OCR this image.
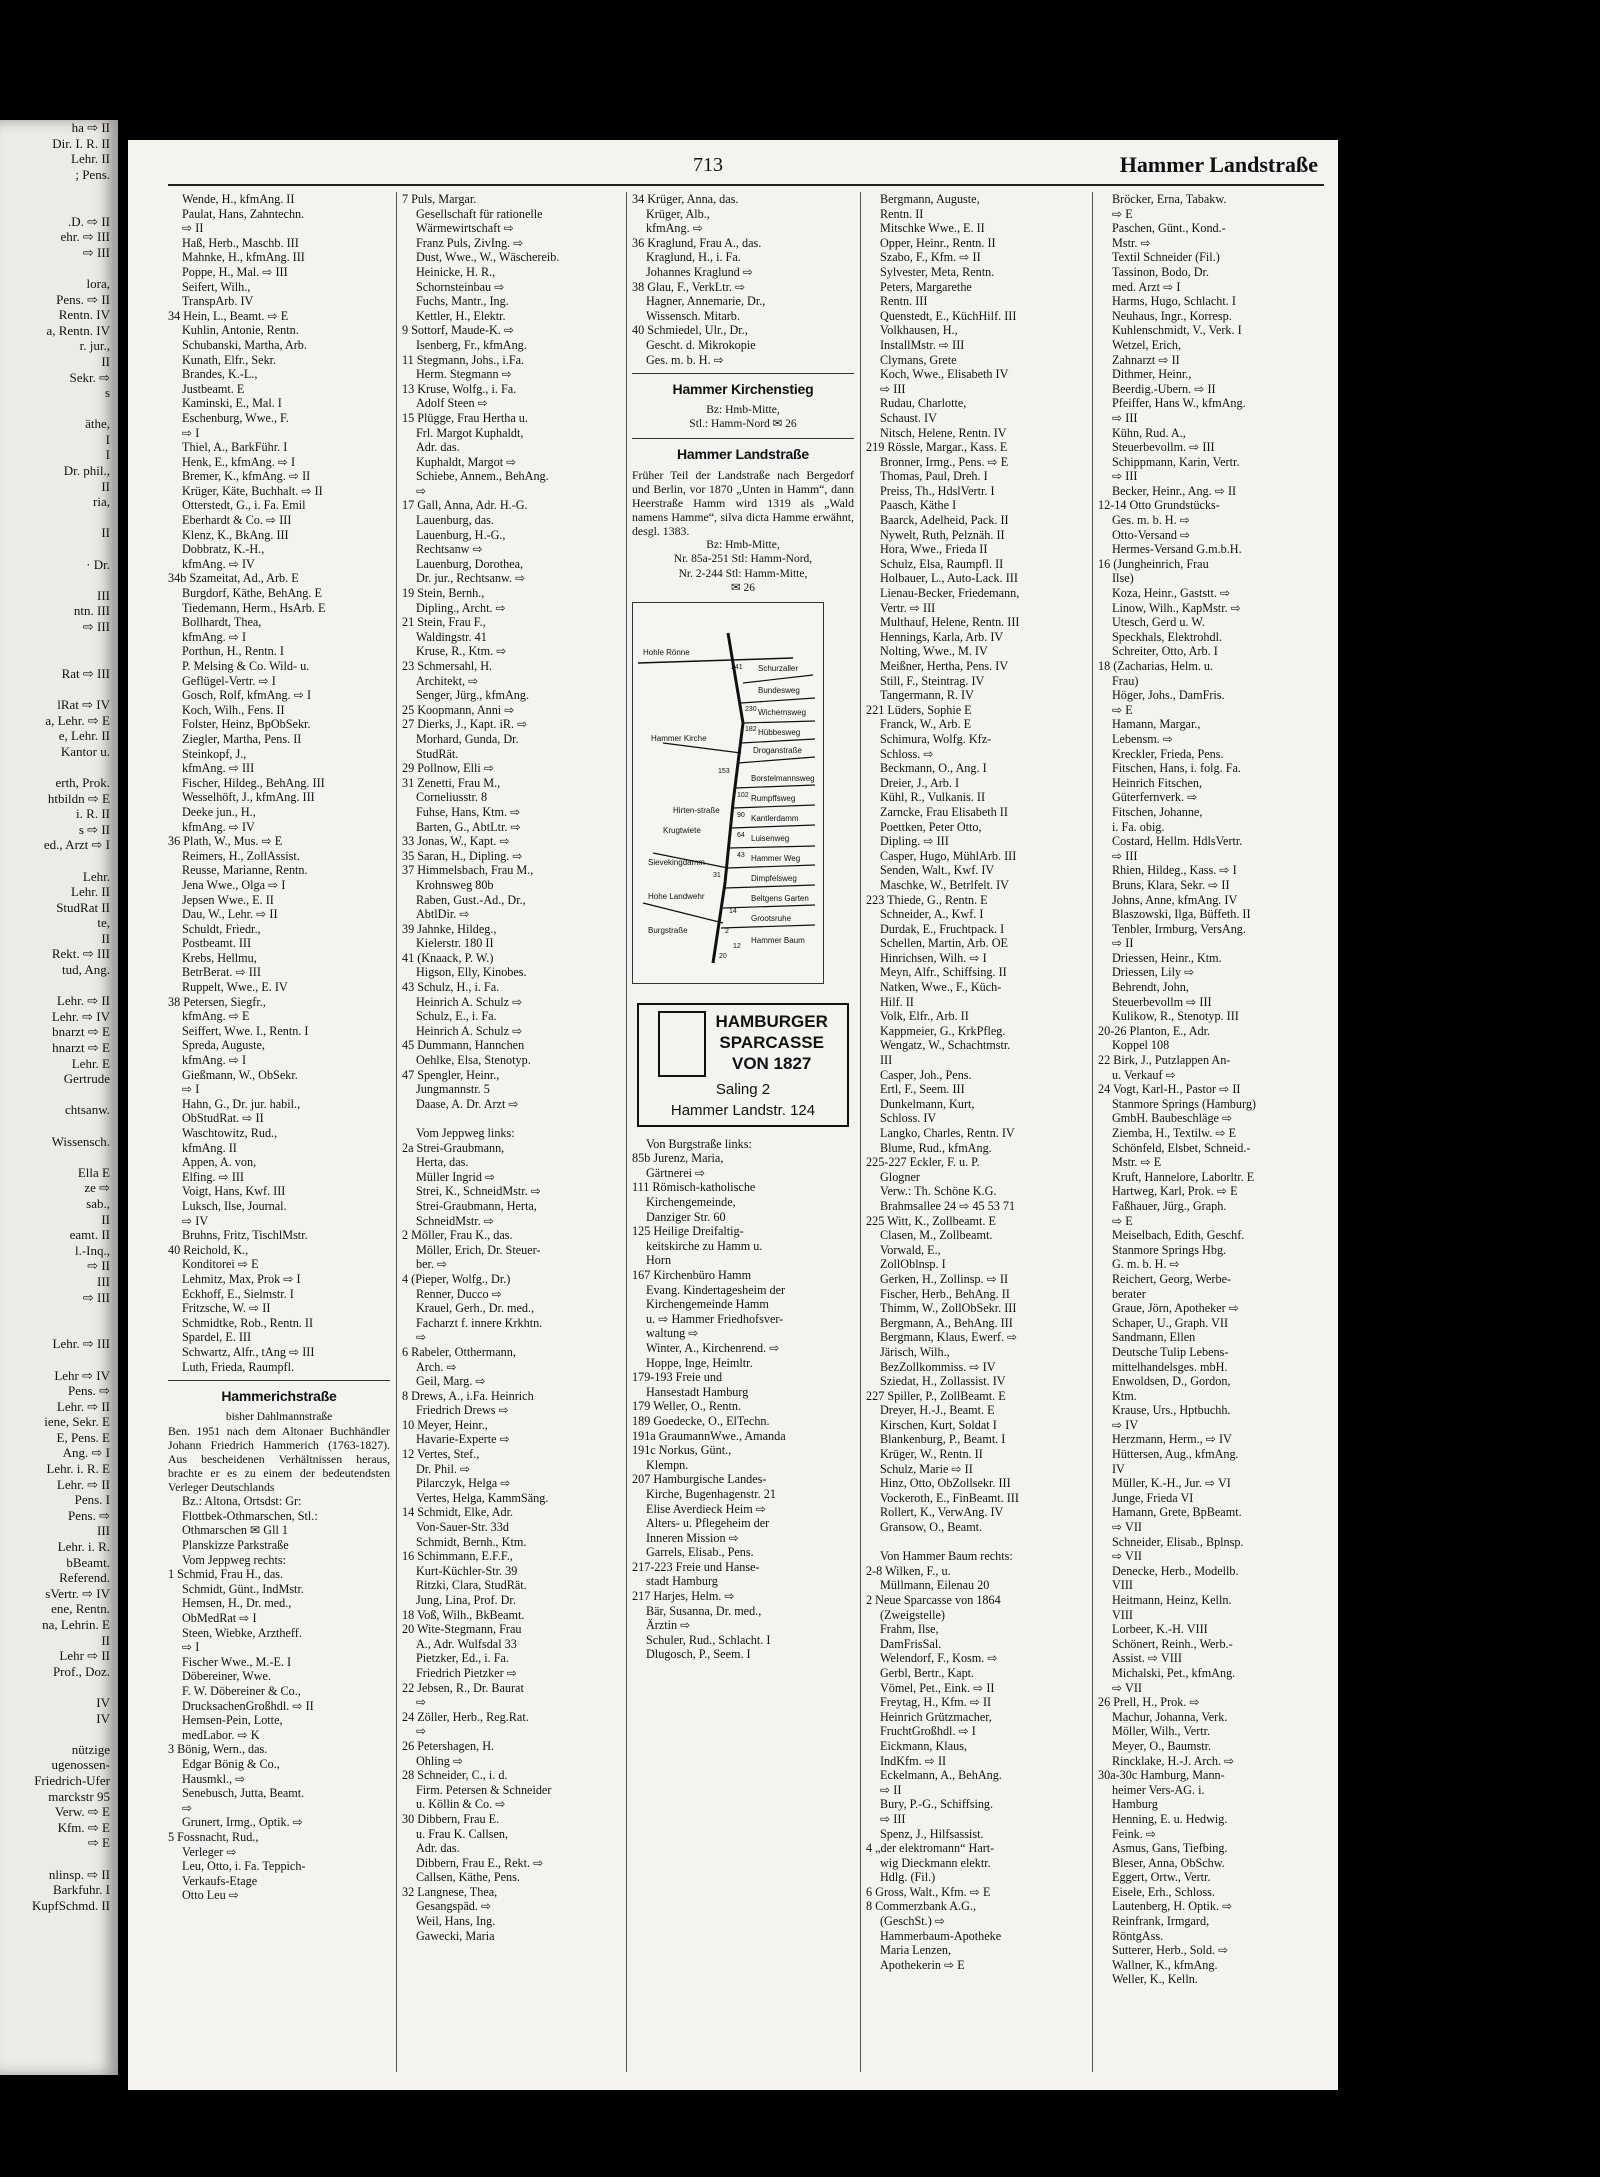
ha ⇨ II
Dir. I. R. II
Lehr. II
; Pens.

.D. ⇨ II
ehr. ⇨ III
⇨ III

lora,
Pens. ⇨ II
Rentn. IV
a, Rentn. IV
r. jur.,
II
Sekr. ⇨
s

äthe,
I
I
Dr. phil.,
II
ria,

II

· Dr.

III
ntn. III
⇨ III

Rat ⇨ III

lRat ⇨ IV
a, Lehr. ⇨ E
e, Lehr. II
Kantor u.

erth, Prok.
htbildn ⇨ E
i. R. II
s ⇨ II
ed., Arzt ⇨ I

Lehr.
Lehr. II
StudRat II
te,
II
Rekt. ⇨ III
tud, Ang.

Lehr. ⇨ II
Lehr. ⇨ IV
bnarzt ⇨ E
hnarzt ⇨ E
Lehr. E
Gertrude

chtsanw.

Wissensch.

Ella E
ze ⇨
sab.,
II
eamt. II
l.-Inq.,
⇨ II
III
⇨ III

Lehr. ⇨ III

Lehr ⇨ IV
Pens. ⇨
Lehr. ⇨ II
iene, Sekr. E
E, Pens. E
Ang. ⇨ I
Lehr. i. R. E
Lehr. ⇨ II
Pens. I
Pens. ⇨
III
Lehr. i. R.
bBeamt.
Referend.
sVertr. ⇨ IV
ene, Rentn.
na, Lehrin. E
II
Lehr ⇨ II
Prof., Doz.

IV
IV

nützige
ugenossen-
Friedrich-Ufer
marckstr 95
Verw. ⇨ E
Kfm. ⇨ E
⇨ E

nlinsp. ⇨ II
Barkfuhr. I
KupfSchmd. II
713	Hammer Landstraße
Wende, H., kfmAng. II
Paulat, Hans, Zahntechn.
⇨ II
Haß, Herb., Maschb. III
Mahnke, H., kfmAng. III
Poppe, H., Mal. ⇨ III
Seifert, Wilh.,
TranspArb. IV
34 Hein, L., Beamt. ⇨ E
Kuhlin, Antonie, Rentn.
Schubanski, Martha, Arb.
Kunath, Elfr., Sekr.
Brandes, K.-L.,
Justbeamt. E
Kaminski, E., Mal. I
Eschenburg, Wwe., F.
⇨ I
Thiel, A., BarkFühr. I
Henk, E., kfmAng. ⇨ I
Bremer, K., kfmAng. ⇨ II
Krüger, Käte, Buchhalt. ⇨ II
Otterstedt, G., i. Fa. Emil
Eberhardt & Co. ⇨ III
Klenz, K., BkAng. III
Dobbratz, K.-H.,
kfmAng. ⇨ IV
34b Szameitat, Ad., Arb. E
Burgdorf, Käthe, BehAng. E
Tiedemann, Herm., HsArb. E
Bollhardt, Thea,
kfmAng. ⇨ I
Porthun, H., Rentn. I
P. Melsing & Co. Wild- u.
Geflügel-Vertr. ⇨ I
Gosch, Rolf, kfmAng. ⇨ I
Koch, Wilh., Fens. II
Folster, Heinz, BpObSekr.
Ziegler, Martha, Pens. II
Steinkopf, J.,
kfmAng. ⇨ III
Fischer, Hildeg., BehAng. III
Wesselhöft, J., kfmAng. III
Deeke jun., H.,
kfmAng. ⇨ IV
36 Plath, W., Mus. ⇨ E
Reimers, H., ZollAssist.
Reusse, Marianne, Rentn.
Jena Wwe., Olga ⇨ I
Jepsen Wwe., E. II
Dau, W., Lehr. ⇨ II
Schuldt, Friedr.,
Postbeamt. III
Krebs, Hellmu,
BetrBerat. ⇨ III
Ruppelt, Wwe., E. IV
38 Petersen, Siegfr.,
kfmAng. ⇨ E
Seiffert, Wwe. I., Rentn. I
Spreda, Auguste,
kfmAng. ⇨ I
Gießmann, W., ObSekr.
⇨ I
Hahn, G., Dr. jur. habil.,
ObStudRat. ⇨ II
Waschtowitz, Rud.,
kfmAng. II
Appen, A. von,
Elfing. ⇨ III
Voigt, Hans, Kwf. III
Luksch, Ilse, Journal.
⇨ IV
Bruhns, Fritz, TischlMstr.
40 Reichold, K.,
Konditorei ⇨ E
Lehmitz, Max, Prok ⇨ I
Eckhoff, E., Sielmstr. I
Fritzsche, W. ⇨ II
Schmidtke, Rob., Rentn. II
Spardel, E. III
Schwartz, Alfr., tAng ⇨ III
Luth, Frieda, Raumpfl.
Hammerichstraße
bisher Dahlmannstraße
Ben. 1951 nach dem Altonaer Buchhändler Johann Friedrich Hammerich (1763-1827). Aus bescheidenen Verhältnissen heraus, brachte er es zu einem der bedeutendsten Verleger Deutschlands
Bz.: Altona, Ortsdst: Gr:
Flottbek-Othmarschen, Stl.:
Othmarschen ✉ Gll 1
Planskizze Parkstraße
Vom Jeppweg rechts:
1 Schmid, Frau H., das.
Schmidt, Günt., IndMstr.
Hemsen, H., Dr. med.,
ObMedRat ⇨ I
Steen, Wiebke, Arztheff.
⇨ I
Fischer Wwe., M.-E. I
Döbereiner, Wwe.
F. W. Döbereiner & Co.,
DrucksachenGroßhdl. ⇨ II
Hemsen-Pein, Lotte,
medLabor. ⇨ K
3 Bönig, Wern., das.
Edgar Bönig & Co.,
Hausmkl., ⇨
Senebusch, Jutta, Beamt.
⇨
Grunert, Irmg., Optik. ⇨
5 Fossnacht, Rud.,
Verleger ⇨
Leu, Otto, i. Fa. Teppich-
Verkaufs-Etage
Otto Leu ⇨
7 Puls, Margar.
Gesellschaft für rationelle
Wärmewirtschaft ⇨
Franz Puls, ZivIng. ⇨
Dust, Wwe., W., Wäschereib.
Heinicke, H. R.,
Schornsteinbau ⇨
Fuchs, Mantr., Ing.
Kettler, H., Elektr.
9 Sottorf, Maude-K. ⇨
Isenberg, Fr., kfmAng.
11 Stegmann, Johs., i.Fa.
Herm. Stegmann ⇨
13 Kruse, Wolfg., i. Fa.
Adolf Steen ⇨
15 Plügge, Frau Hertha u.
Frl. Margot Kuphaldt,
Adr. das.
Kuphaldt, Margot ⇨
Schiebe, Annem., BehAng.
⇨
17 Gall, Anna, Adr. H.-G.
Lauenburg, das.
Lauenburg, H.-G.,
Rechtsanw ⇨
Lauenburg, Dorothea,
Dr. jur., Rechtsanw. ⇨
19 Stein, Bernh.,
Dipling., Archt. ⇨
21 Stein, Frau F.,
Waldingstr. 41
Kruse, R., Ktm. ⇨
23 Schmersahl, H.
Architekt, ⇨
Senger, Jürg., kfmAng.
25 Koopmann, Anni ⇨
27 Dierks, J., Kapt. iR. ⇨
Morhard, Gunda, Dr.
StudRät.
29 Pollnow, Elli ⇨
31 Zenetti, Frau M.,
Corneliusstr. 8
Fuhse, Hans, Ktm. ⇨
Barten, G., AbtLtr. ⇨
33 Jonas, W., Kapt. ⇨
35 Saran, H., Dipling. ⇨
37 Himmelsbach, Frau M.,
Krohnsweg 80b
Raben, Gust.-Ad., Dr.,
AbtlDir. ⇨
39 Jahnke, Hildeg.,
Kielerstr. 180 II
41 (Knaack, P. W.)
Higson, Elly, Kinobes.
43 Schulz, H., i. Fa.
Heinrich A. Schulz ⇨
Schulz, E., i. Fa.
Heinrich A. Schulz ⇨
45 Dummann, Hannchen
Oehlke, Elsa, Stenotyp.
47 Spengler, Heinr.,
Jungmannstr. 5
Daase, A. Dr. Arzt ⇨

Vom Jeppweg links:
2a Strei-Graubmann,
Herta, das.
Müller Ingrid ⇨
Strei, K., SchneidMstr. ⇨
Strei-Graubmann, Herta,
SchneidMstr. ⇨
2 Möller, Frau K., das.
Möller, Erich, Dr. Steuer-
ber. ⇨
4 (Pieper, Wolfg., Dr.)
Renner, Ducco ⇨
Krauel, Gerh., Dr. med.,
Facharzt f. innere Krkhtn.
⇨
6 Rabeler, Otthermann,
Arch. ⇨
Geil, Marg. ⇨
8 Drews, A., i.Fa. Heinrich
Friedrich Drews ⇨
10 Meyer, Heinr.,
Havarie-Experte ⇨
12 Vertes, Stef.,
Dr. Phil. ⇨
Pilarczyk, Helga ⇨
Vertes, Helga, KammSäng.
14 Schmidt, Elke, Adr.
Von-Sauer-Str. 33d
Schmidt, Bernh., Ktm.
16 Schimmann, E.F.F.,
Kurt-Küchler-Str. 39
Ritzki, Clara, StudRät.
Jung, Lina, Prof. Dr.
18 Voß, Wilh., BkBeamt.
20 Wite-Stegmann, Frau
A., Adr. Wulfsdal 33
Pietzker, Ed., i. Fa.
Friedrich Pietzker ⇨
22 Jebsen, R., Dr. Baurat
⇨
24 Zöller, Herb., Reg.Rat.
⇨
26 Petershagen, H.
Ohling ⇨
28 Schneider, C., i. d.
Firm. Petersen & Schneider
u. Köllin & Co. ⇨
30 Dibbern, Frau E.
u. Frau K. Callsen,
Adr. das.
Dibbern, Frau E., Rekt. ⇨
Callsen, Käthe, Pens.
32 Langnese, Thea,
Gesangspäd. ⇨
Weil, Hans, Ing.
Gawecki, Maria
34 Krüger, Anna, das.
Krüger, Alb.,
kfmAng. ⇨
36 Kraglund, Frau A., das.
Kraglund, H., i. Fa.
Johannes Kraglund ⇨
38 Glau, F., VerkLtr. ⇨
Hagner, Annemarie, Dr.,
Wissensch. Mitarb.
40 Schmiedel, Ulr., Dr.,
Gescht. d. Mikrokopie
Ges. m. b. H. ⇨
Hammer Kirchenstieg
Bz: Hmb-Mitte,
Stl.: Hamm-Nord ✉ 26
Hammer Landstraße
Früher Teil der Landstraße nach Bergedorf und Berlin, vor 1870 „Unten in Hamm“, dann Heerstraße Hamm wird 1319 als „Wald namens Hamme“, silva dicta Hamme erwähnt, desgl. 1383.
Bz: Hmb-Mitte,
Nr. 85a-251 Stl: Hamm-Nord,
Nr. 2-244 Stl: Hamm-Mitte,
✉ 26
Hohle Rönne
Schurzaller
Bundesweg
Wichernsweg
Hübbesweg
Droganstraße
Hammer Kirche
Borstelmannsweg
Rumpffsweg
Kantlerdamm
Luisenweg
Hammer Weg
Dimpfelsweg
Beltgens Garten
Grootsruhe
Hammer Baum
Hohe Landwehr
Burgstraße
Sievekingdamm
Krugtwiete
Hirten-straße
241
230
182
153
102
90
64
43
31
14
2
12
20
HAMBURGER
SPARCASSE
VON 1827
Saling 2
Hammer Landstr. 124
Von Burgstraße links:
85b Jurenz, Maria,
Gärtnerei ⇨
111 Römisch-katholische
Kirchengemeinde,
Danziger Str. 60
125 Heilige Dreifaltig-
keitskirche zu Hamm u.
Horn
167 Kirchenbüro Hamm
Evang. Kindertagesheim der
Kirchengemeinde Hamm
u. ⇨ Hammer Friedhofsver-
waltung ⇨
Winter, A., Kirchenrend. ⇨
Hoppe, Inge, Heimltr.
179-193 Freie und
Hansestadt Hamburg
179 Weller, O., Rentn.
189 Goedecke, O., ElTechn.
191a GraumannWwe., Amanda
191c Norkus, Günt.,
Klempn.
207 Hamburgische Landes-
Kirche, Bugenhagenstr. 21
Elise Averdieck Heim ⇨
Alters- u. Pflegeheim der
Inneren Mission ⇨
Garrels, Elisab., Pens.
217-223 Freie und Hanse-
stadt Hamburg
217 Harjes, Helm. ⇨
Bär, Susanna, Dr. med.,
Ärztin ⇨
Schuler, Rud., Schlacht. I
Dlugosch, P., Seem. I
Bergmann, Auguste,
Rentn. II
Mitschke Wwe., E. II
Opper, Heinr., Rentn. II
Szabo, F., Kfm. ⇨ II
Sylvester, Meta, Rentn.
Peters, Margarethe
Rentn. III
Quenstedt, E., KüchHilf. III
Volkhausen, H.,
InstallMstr. ⇨ III
Clymans, Grete
Koch, Wwe., Elisabeth IV
⇨ III
Rudau, Charlotte,
Schaust. IV
Nitsch, Helene, Rentn. IV
219 Rössle, Margar., Kass. E
Bronner, Irmg., Pens. ⇨ E
Thomas, Paul, Dreh. I
Preiss, Th., HdslVertr. I
Paasch, Käthe I
Baarck, Adelheid, Pack. II
Nywelt, Ruth, Pelznäh. II
Hora, Wwe., Frieda II
Schulz, Elsa, Raumpfl. II
Holbauer, L., Auto-Lack. III
Lienau-Becker, Friedemann,
Vertr. ⇨ III
Multhauf, Helene, Rentn. III
Hennings, Karla, Arb. IV
Nolting, Wwe., M. IV
Meißner, Hertha, Pens. IV
Still, F., Steintrag. IV
Tangermann, R. IV
221 Lüders, Sophie E
Franck, W., Arb. E
Schimura, Wolfg. Kfz-
Schloss. ⇨
Beckmann, O., Ang. I
Dreier, J., Arb. I
Kühl, R., Vulkanis. II
Zarncke, Frau Elisabeth II
Poettken, Peter Otto,
Dipling. ⇨ III
Casper, Hugo, MühlArb. III
Senden, Walt., Kwf. IV
Maschke, W., Betrlfelt. IV
223 Thiede, G., Rentn. E
Schneider, A., Kwf. I
Durdak, E., Fruchtpack. I
Schellen, Martin, Arb. OE
Hinrichsen, Wilh. ⇨ I
Meyn, Alfr., Schiffsing. II
Natken, Wwe., F., Küch-
Hilf. II
Volk, Elfr., Arb. II
Kappmeier, G., KrkPfleg.
Wengatz, W., Schachtmstr.
III
Casper, Joh., Pens.
Ertl, F., Seem. III
Dunkelmann, Kurt,
Schloss. IV
Langko, Charles, Rentn. IV
Blume, Rud., kfmAng.
225-227 Eckler, F. u. P.
Glogner
Verw.: Th. Schöne K.G.
Brahmsallee 24 ⇨ 45 53 71
225 Witt, K., Zollbeamt. E
Clasen, M., Zollbeamt.
Vorwald, E.,
ZollOblnsp. I
Gerken, H., Zollinsp. ⇨ II
Fischer, Herb., BehAng. II
Thimm, W., ZollObSekr. III
Bergmann, A., BehAng. III
Bergmann, Klaus, Ewerf. ⇨
Järisch, Wilh.,
BezZollkommiss. ⇨ IV
Sziedat, H., Zollassist. IV
227 Spiller, P., ZollBeamt. E
Dreyer, H.-J., Beamt. E
Kirschen, Kurt, Soldat I
Blankenburg, P., Beamt. I
Krüger, W., Rentn. II
Schulz, Marie ⇨ II
Hinz, Otto, ObZollsekr. III
Vockeroth, E., FinBeamt. III
Rollert, K., VerwAng. IV
Gransow, O., Beamt.

Von Hammer Baum rechts:
2-8 Wilken, F., u.
Müllmann, Eilenau 20
2 Neue Sparcasse von 1864
(Zweigstelle)
Frahm, Ilse,
DamFrisSal.
Welendorf, F., Kosm. ⇨
Gerbl, Bertr., Kapt.
Vömel, Pet., Eink. ⇨ II
Freytag, H., Kfm. ⇨ II
Heinrich Grützmacher,
FruchtGroßhdl. ⇨ I
Eickmann, Klaus,
IndKfm. ⇨ II
Eckelmann, A., BehAng.
⇨ II
Bury, P.-G., Schiffsing.
⇨ III
Spenz, J., Hilfsassist.
4 „der elektromann“ Hart-
wig Dieckmann elektr.
Hdlg. (Fil.)
6 Gross, Walt., Kfm. ⇨ E
8 Commerzbank A.G.,
(GeschSt.) ⇨
Hammerbaum-Apotheke
Maria Lenzen,
Apothekerin ⇨ E
Bröcker, Erna, Tabakw.
⇨ E
Paschen, Günt., Kond.-
Mstr. ⇨
Textil Schneider (Fil.)
Tassinon, Bodo, Dr.
med. Arzt ⇨ I
Harms, Hugo, Schlacht. I
Neuhaus, Ingr., Korresp.
Kuhlenschmidt, V., Verk. I
Wetzel, Erich,
Zahnarzt ⇨ II
Dithmer, Heinr.,
Beerdig.-Ubern. ⇨ II
Pfeiffer, Hans W., kfmAng.
⇨ III
Kühn, Rud. A.,
Steuerbevollm. ⇨ III
Schippmann, Karin, Vertr.
⇨ III
Becker, Heinr., Ang. ⇨ II
12-14 Otto Grundstücks-
Ges. m. b. H. ⇨
Otto-Versand ⇨
Hermes-Versand G.m.b.H.
16 (Jungheinrich, Frau
Ilse)
Koza, Heinr., Gaststt. ⇨
Linow, Wilh., KapMstr. ⇨
Utesch, Gerd u. W.
Speckhals, Elektrohdl.
Schreiter, Otto, Arb. I
18 (Zacharias, Helm. u.
Frau)
Höger, Johs., DamFris.
⇨ E
Hamann, Margar.,
Lebensm. ⇨
Kreckler, Frieda, Pens.
Fitschen, Hans, i. folg. Fa.
Heinrich Fitschen,
Güterfernverk. ⇨
Fitschen, Johanne,
i. Fa. obig.
Costard, Hellm. HdlsVertr.
⇨ III
Rhien, Hildeg., Kass. ⇨ I
Bruns, Klara, Sekr. ⇨ II
Johns, Anne, kfmAng. IV
Blaszowski, Ilga, Büffeth. II
Tenbler, Irmburg, VersAng.
⇨ II
Driessen, Heinr., Ktm.
Driessen, Lily ⇨
Behrendt, John,
Steuerbevollm ⇨ III
Kulikow, R., Stenotyp. III
20-26 Planton, E., Adr.
Koppel 108
22 Birk, J., Putzlappen An-
u. Verkauf ⇨
24 Vogt, Karl-H., Pastor ⇨ II
Stanmore Springs (Hamburg)
GmbH. Baubeschläge ⇨
Ziemba, H., Textilw. ⇨ E
Schönfeld, Elsbet, Schneid.-
Mstr. ⇨ E
Kruft, Hannelore, Laborltr. E
Hartweg, Karl, Prok. ⇨ E
Faßhauer, Jürg., Graph.
⇨ E
Meiselbach, Edith, Geschf.
Stanmore Springs Hbg.
G. m. b. H. ⇨
Reichert, Georg, Werbe-
berater
Graue, Jörn, Apotheker ⇨
Schaper, U., Graph. VII
Sandmann, Ellen
Deutsche Tulip Lebens-
mittelhandelsges. mbH.
Enwoldsen, D., Gordon,
Ktm.
Krause, Urs., Hptbuchh.
⇨ IV
Herzmann, Herm., ⇨ IV
Hüttersen, Aug., kfmAng.
IV
Müller, K.-H., Jur. ⇨ VI
Junge, Frieda VI
Hamann, Grete, BpBeamt.
⇨ VII
Schneider, Elisab., Bplnsp.
⇨ VII
Denecke, Herb., Modellb.
VIII
Heitmann, Heinz, Kelln.
VIII
Lorbeer, K.-H. VIII
Schönert, Reinh., Werb.-
Assist. ⇨ VIII
Michalski, Pet., kfmAng.
⇨ VII
26 Prell, H., Prok. ⇨
Machur, Johanna, Verk.
Möller, Wilh., Vertr.
Meyer, O., Baumstr.
Rincklake, H.-J. Arch. ⇨
30a-30c Hamburg, Mann-
heimer Vers-AG. i.
Hamburg
Henning, E. u. Hedwig.
Feink. ⇨
Asmus, Gans, Tiefbing.
Bleser, Anna, ObSchw.
Eggert, Ortw., Vertr.
Eisele, Erh., Schloss.
Lautenberg, H. Optik. ⇨
Reinfrank, Irmgard,
RöntgAss.
Sutterer, Herb., Sold. ⇨
Wallner, K., kfmAng.
Weller, K., Kelln.
